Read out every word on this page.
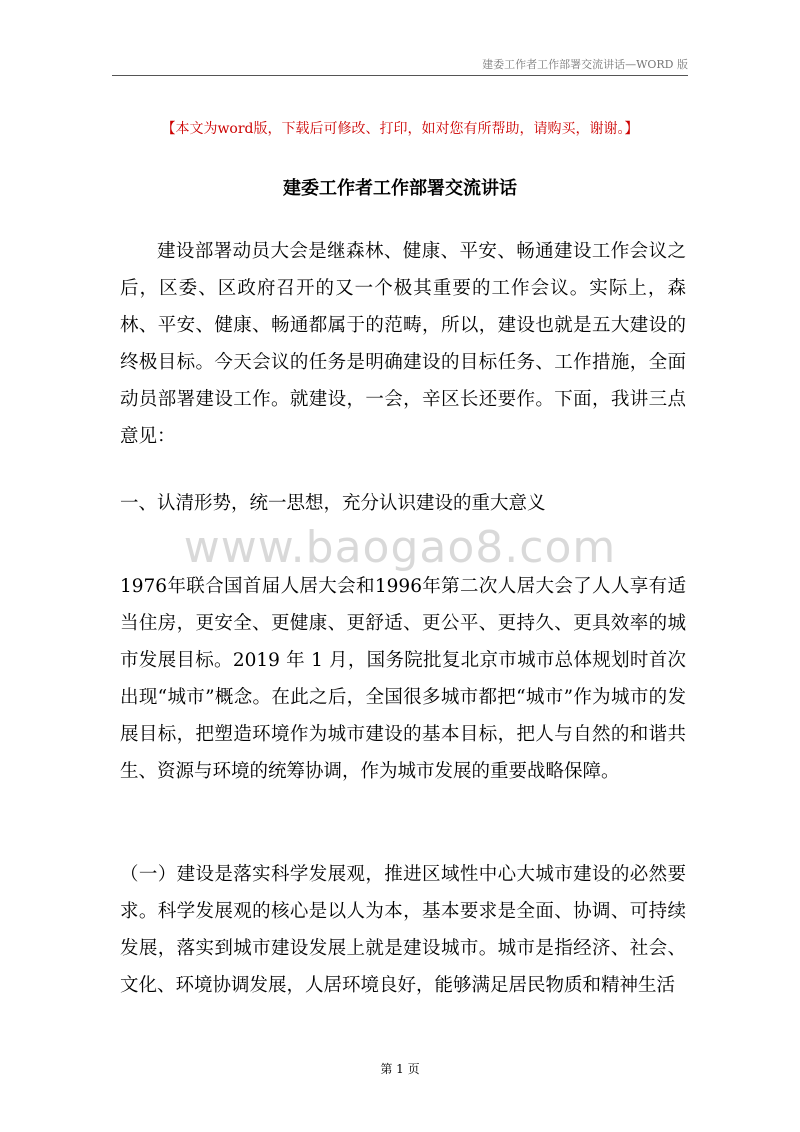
建委工作者工作部署交流讲话—WORD 版
【本文为word版，下载后可修改、打印，如对您有所帮助，请购买，谢谢。】
建委工作者工作部署交流讲话

建设部署动员大会是继森林、健康、平安、畅通建设工作会议之后，区委、区政府召开的又一个极其重要的工作会议。实际上，森林、平安、健康、畅通都属于的范畴，所以，建设也就是五大建设的终极目标。今天会议的任务是明确建设的目标任务、工作措施，全面动员部署建设工作。就建设，一会，辛区长还要作。下面，我讲三点意见：

一、认清形势，统一思想，充分认识建设的重大意义

www.baogao8.com

1976年联合国首届人居大会和1996年第二次人居大会了人人享有适当住房，更安全、更健康、更舒适、更公平、更持久、更具效率的城市发展目标。2019 年 1 月，国务院批复北京市城市总体规划时首次出现“城市”概念。在此之后，全国很多城市都把“城市”作为城市的发展目标，把塑造环境作为城市建设的基本目标，把人与自然的和谐共生、资源与环境的统筹协调，作为城市发展的重要战略保障。

（一）建设是落实科学发展观，推进区域性中心大城市建设的必然要求。科学发展观的核心是以人为本，基本要求是全面、协调、可持续发展，落实到城市建设发展上就是建设城市。城市是指经济、社会、文化、环境协调发展，人居环境良好，能够满足居民物质和精神生活

第 1 页
